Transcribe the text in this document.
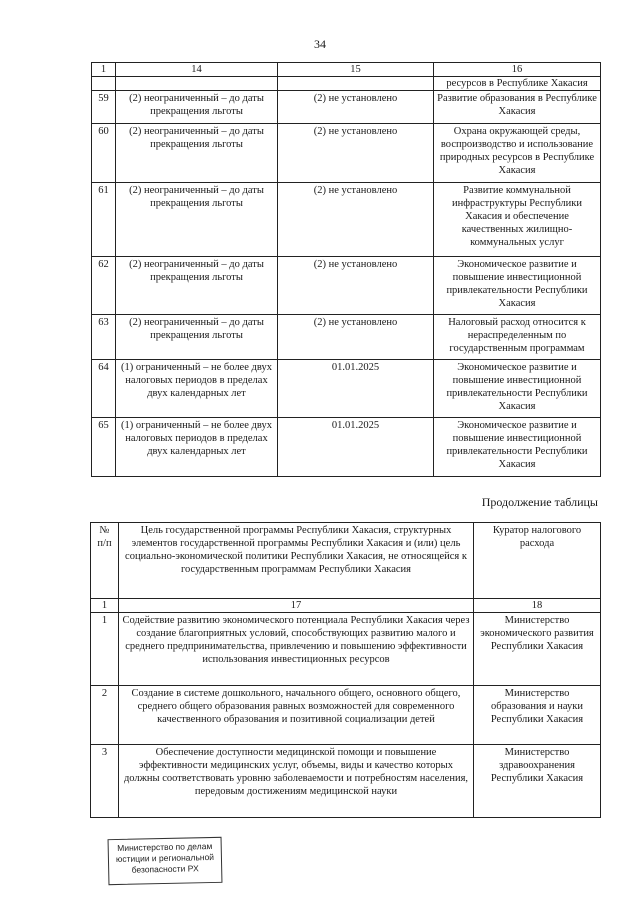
34
1	14	15	16
			ресурсов в Республике Хакасия
59	(2) неограниченный – до даты прекращения льготы	(2) не установлено	Развитие образования в Республике Хакасия
60	(2) неограниченный – до даты прекращения льготы	(2) не установлено	Охрана окружающей среды, воспроизводство и использование природных ресурсов в Республике Хакасия
61	(2) неограниченный – до даты прекращения льготы	(2) не установлено	Развитие коммунальной инфраструктуры Республики Хакасия и обеспечение качественных жилищно-коммунальных услуг
62	(2) неограниченный – до даты прекращения льготы	(2) не установлено	Экономическое развитие и повышение инвестиционной привлекательности Республики Хакасия
63	(2) неограниченный – до даты прекращения льготы	(2) не установлено	Налоговый расход относится к нераспределенным по государственным программам
64	(1) ограниченный – не более двух налоговых периодов в пределах двух календарных лет	01.01.2025	Экономическое развитие и повышение инвестиционной привлекательности Республики Хакасия
65	(1) ограниченный – не более двух налоговых периодов в пределах двух календарных лет	01.01.2025	Экономическое развитие и повышение инвестиционной привлекательности Республики Хакасия
Продолжение таблицы
№ п/п	Цель государственной программы Республики Хакасия, структурных элементов государственной программы Республики Хакасия и (или) цель социально-экономической политики Республики Хакасия, не относящейся к государственным программам Республики Хакасия	Куратор налогового расхода
1	17	18
1	Содействие развитию экономического потенциала Республики Хакасия через создание благоприятных условий, способствующих развитию малого и среднего предпринимательства, привлечению и повышению эффективности использования инвестиционных ресурсов	Министерство экономического развития Республики Хакасия
2	Создание в системе дошкольного, начального общего, основного общего, среднего общего образования равных возможностей для современного качественного образования и позитивной социализации детей	Министерство образования и науки Республики Хакасия
3	Обеспечение доступности медицинской помощи и повышение эффективности медицинских услуг, объемы, виды и качество которых должны соответствовать уровню заболеваемости и потребностям населения, передовым достижениям медицинской науки	Министерство здравоохранения Республики Хакасия
Министерство по делам
юстиции и региональной
безопасности РХ
